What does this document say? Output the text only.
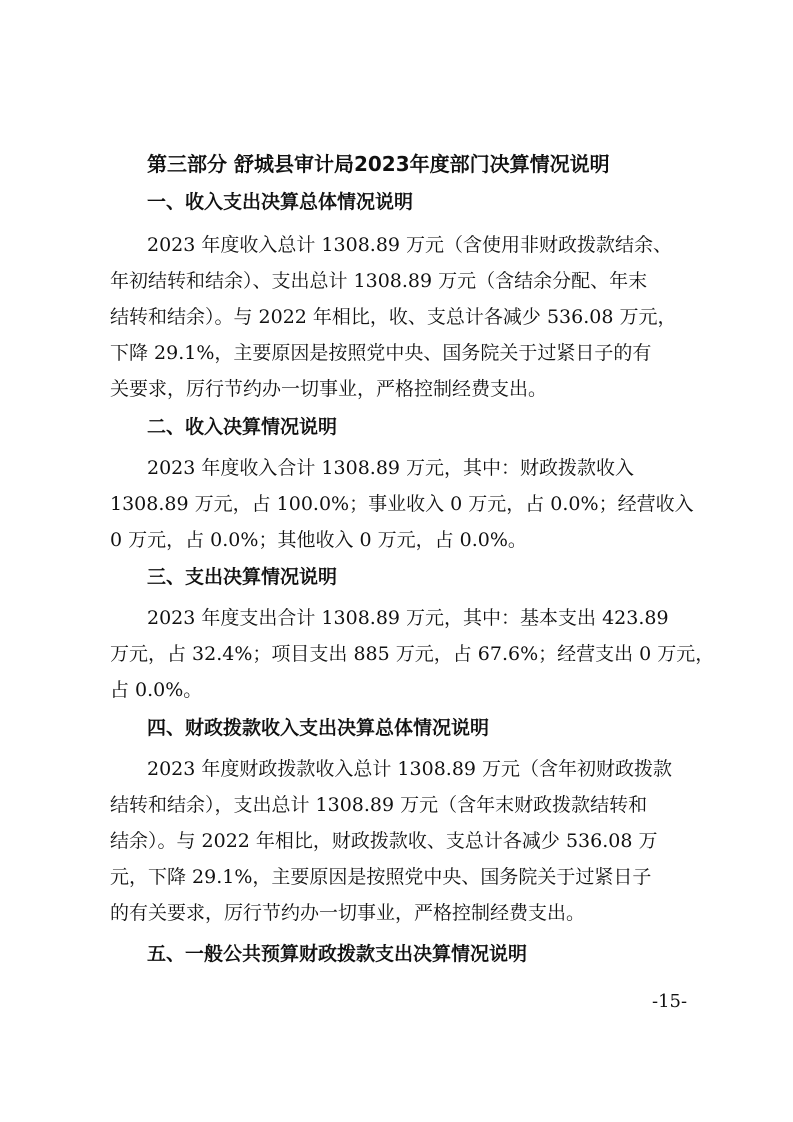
第三部分 舒城县审计局2023年度部门决算情况说明
一、收入支出决算总体情况说明
2023 年度收入总计 1308.89 万元（含使用非财政拨款结余、
年初结转和结余）、支出总计 1308.89 万元（含结余分配、年末
结转和结余）。与 2022 年相比，收、支总计各减少 536.08 万元，
下降 29.1%，主要原因是按照党中央、国务院关于过紧日子的有
关要求，厉行节约办一切事业，严格控制经费支出。
二、收入决算情况说明
2023 年度收入合计 1308.89 万元，其中：财政拨款收入
1308.89 万元，占 100.0%；事业收入 0 万元，占 0.0%；经营收入
0 万元，占 0.0%；其他收入 0 万元，占 0.0%。
三、支出决算情况说明
2023 年度支出合计 1308.89 万元，其中：基本支出 423.89
万元，占 32.4%；项目支出 885 万元，占 67.6%；经营支出 0 万元，
占 0.0%。
四、财政拨款收入支出决算总体情况说明
2023 年度财政拨款收入总计 1308.89 万元（含年初财政拨款
结转和结余），支出总计 1308.89 万元（含年末财政拨款结转和
结余）。与 2022 年相比，财政拨款收、支总计各减少 536.08 万
元，下降 29.1%，主要原因是按照党中央、国务院关于过紧日子
的有关要求，厉行节约办一切事业，严格控制经费支出。
五、一般公共预算财政拨款支出决算情况说明
-15-
